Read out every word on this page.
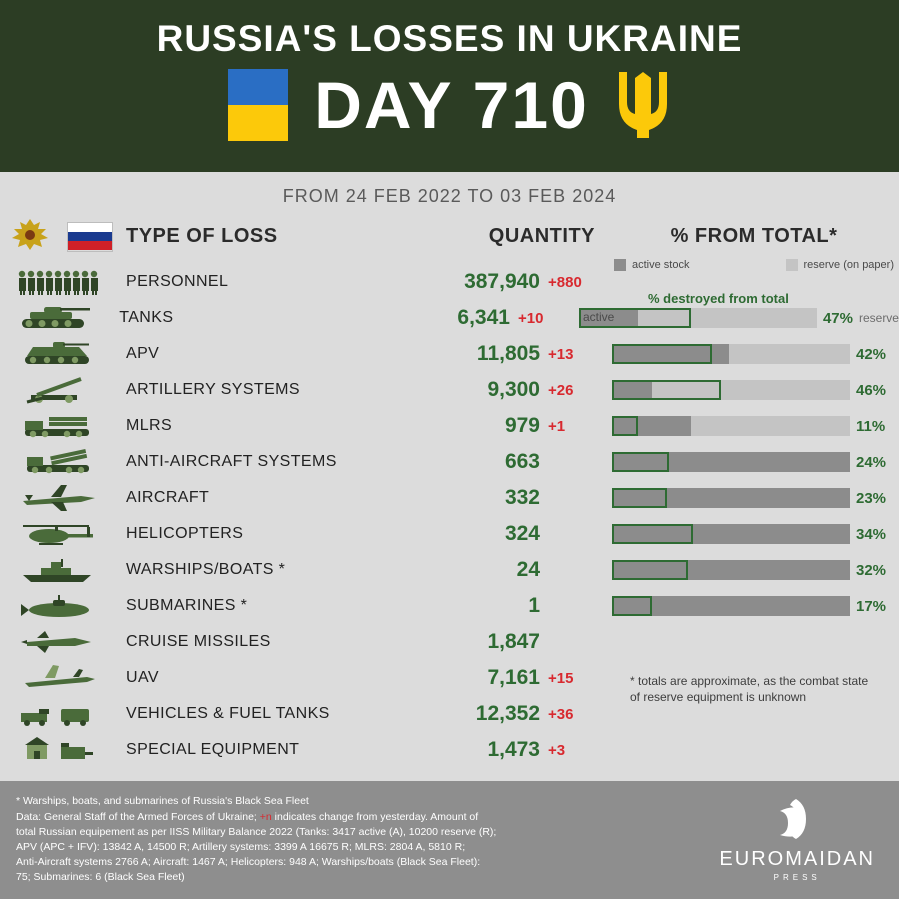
RUSSIA'S LOSSES IN UKRAINE
DAY 710
FROM 24 FEB 2022 TO 03 FEB 2024
TYPE OF LOSS	QUANTITY	% FROM TOTAL*
active stock	reserve (on paper)
% destroyed from total
PERSONNEL	387,940 +880
TANKS	6,341 +10	active	47% reserve
APV	11,805 +13	42%
ARTILLERY SYSTEMS	9,300 +26	46%
MLRS	979 +1	11%
ANTI-AIRCRAFT SYSTEMS	663	24%
AIRCRAFT	332	23%
HELICOPTERS	324	34%
WARSHIPS/BOATS *	24	32%
SUBMARINES *	1	17%
CRUISE MISSILES	1,847
UAV	7,161 +15
VEHICLES & FUEL TANKS	12,352 +36
SPECIAL EQUIPMENT	1,473 +3
* totals are approximate, as the combat state of reserve equipment is unknown
* Warships, boats, and submarines of Russia's Black Sea Fleet
Data: General Staff of the Armed Forces of Ukraine; +n indicates change from yesterday. Amount of
total Russian equipement as per IISS Military Balance 2022 (Tanks: 3417 active (A), 10200 reserve (R);
APV (APC + IFV): 13842 A, 14500 R; Artillery systems: 3399 A 16675 R; MLRS: 2804 A, 5810 R;
Anti-Aircraft systems 2766 A; Aircraft: 1467 A; Helicopters: 948 A; Warships/boats (Black Sea Fleet):
75; Submarines: 6 (Black Sea Fleet)
EUROMAIDAN
PRESS
